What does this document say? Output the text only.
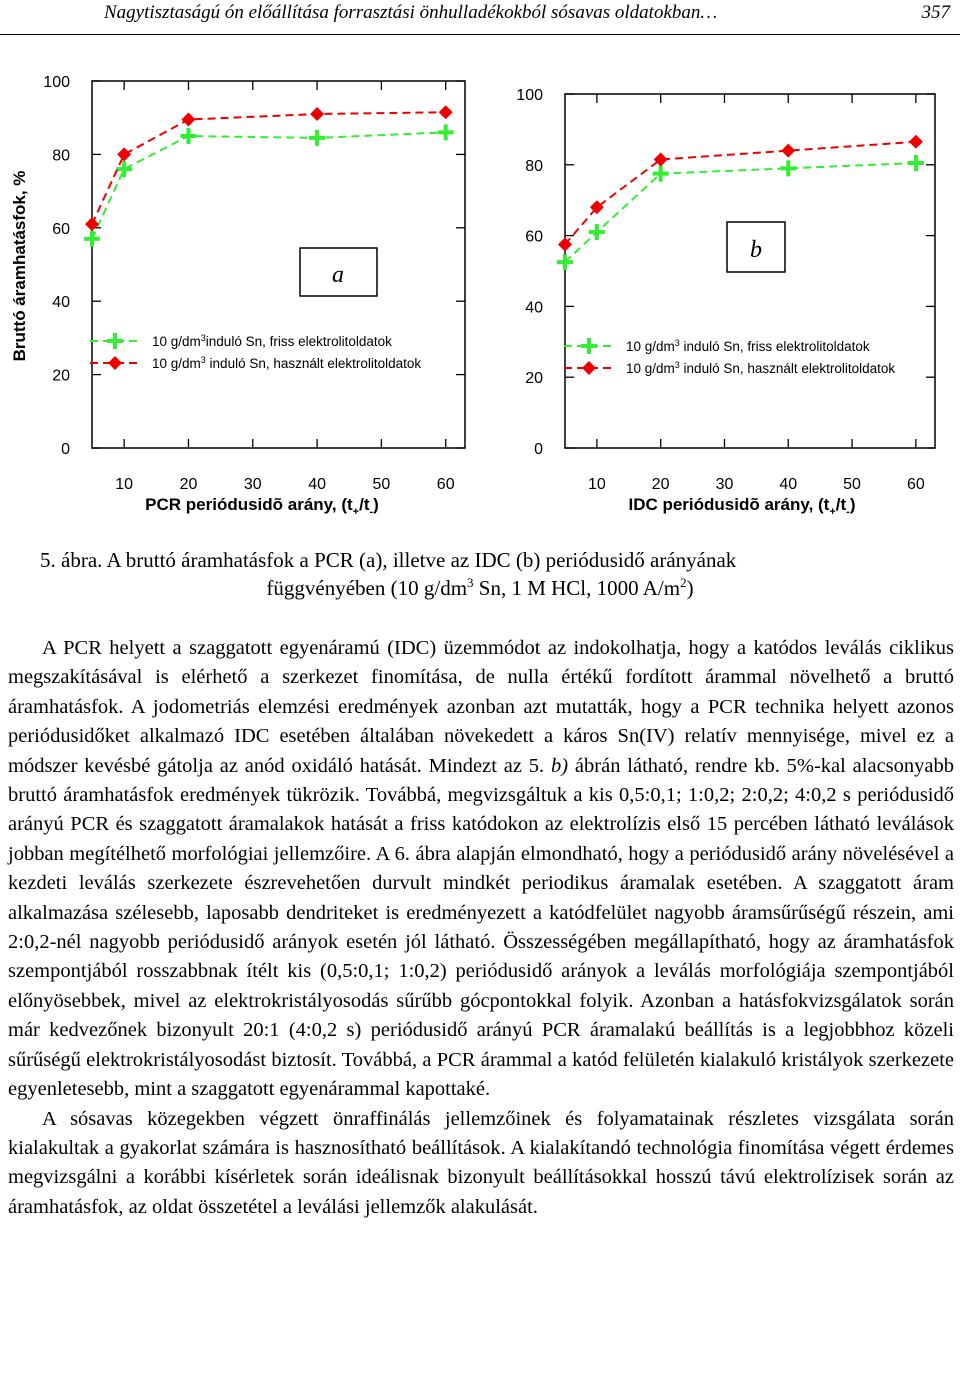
Nagytisztaságú ón előállítása forrasztási önhulladékokból sósavas oldatokban…	357
Bruttó áramhatásfok, %
0
20
40
60
80
100
10	20	30	40	50	60
PCR periódusidõ arány, $(t_+/t_-)$
a
10 $g/dm^3induló$ Sn, friss elektrolitoldatok
10 $g/dm^3$ induló Sn, használt elektrolitoldatok
0
20
40
60
80
100
10	20	30	40	50	60
IDC periódusidõ arány, $(t_+/t_-)$
b
10 $g/dm^3$ induló Sn, friss elektrolitoldatok
10 $g/dm^3$ induló Sn, használt elektrolitoldatok
5. ábra. A bruttó áramhatásfok a PCR (a), illetve az IDC (b) periódusidő arányának
függvényében (10 $g/dm^3$ Sn, 1 M HCl, 1000 $A/m^2$)

A PCR helyett a szaggatott egyenáramú (IDC) üzemmódot az indokolhatja, hogy a katódos leválás ciklikus megszakításával is elérhető a szerkezet finomítása, de nulla értékű fordított árammal növelhető a bruttó áramhatásfok. A jodometriás elemzési eredmények azonban azt mutatták, hogy a PCR technika helyett azonos periódusidőket alkalmazó IDC esetében általában növekedett a káros Sn(IV) relatív mennyisége, mivel ez a módszer kevésbé gátolja az anód oxidáló hatását. Mindezt az 5. b) ábrán látható, rendre kb. 5%-kal alacsonyabb bruttó áramhatásfok eredmények tükrözik. Továbbá, megvizsgáltuk a kis 0,5:0,1; 1:0,2; 2:0,2; 4:0,2 s periódusidő arányú PCR és szaggatott áramalakok hatását a friss katódokon az elektrolízis első 15 percében látható leválások jobban megítélhető morfológiai jellemzőire. A 6. ábra alapján elmondható, hogy a periódusidő arány növelésével a kezdeti leválás szerkezete észrevehetően durvult mindkét periodikus áramalak esetében. A szaggatott áram alkalmazása szélesebb, laposabb dendriteket is eredményezett a katódfelület nagyobb áramsűrűségű részein, ami 2:0,2-nél nagyobb periódusidő arányok esetén jól látható. Összességében megállapítható, hogy az áramhatásfok szempontjából rosszabbnak ítélt kis (0,5:0,1; 1:0,2) periódusidő arányok a leválás morfológiája szempontjából előnyösebbek, mivel az elektrokristályosodás sűrűbb gócpontokkal folyik. Azonban a hatásfokvizsgálatok során már kedvezőnek bizonyult 20:1 (4:0,2 s) periódusidő arányú PCR áramalakú beállítás is a legjobbhoz közeli sűrűségű elektrokristályosodást biztosít. Továbbá, a PCR árammal a katód felületén kialakuló kristályok szerkezete egyenletesebb, mint a szaggatott egyenárammal kapottaké.

A sósavas közegekben végzett önraffinálás jellemzőinek és folyamatainak részletes vizsgálata során kialakultak a gyakorlat számára is hasznosítható beállítások. A kialakítandó technológia finomítása végett érdemes megvizsgálni a korábbi kísérletek során ideálisnak bizonyult beállításokkal hosszú távú elektrolízisek során az áramhatásfok, az oldat összetétel a leválási jellemzők alakulását.
